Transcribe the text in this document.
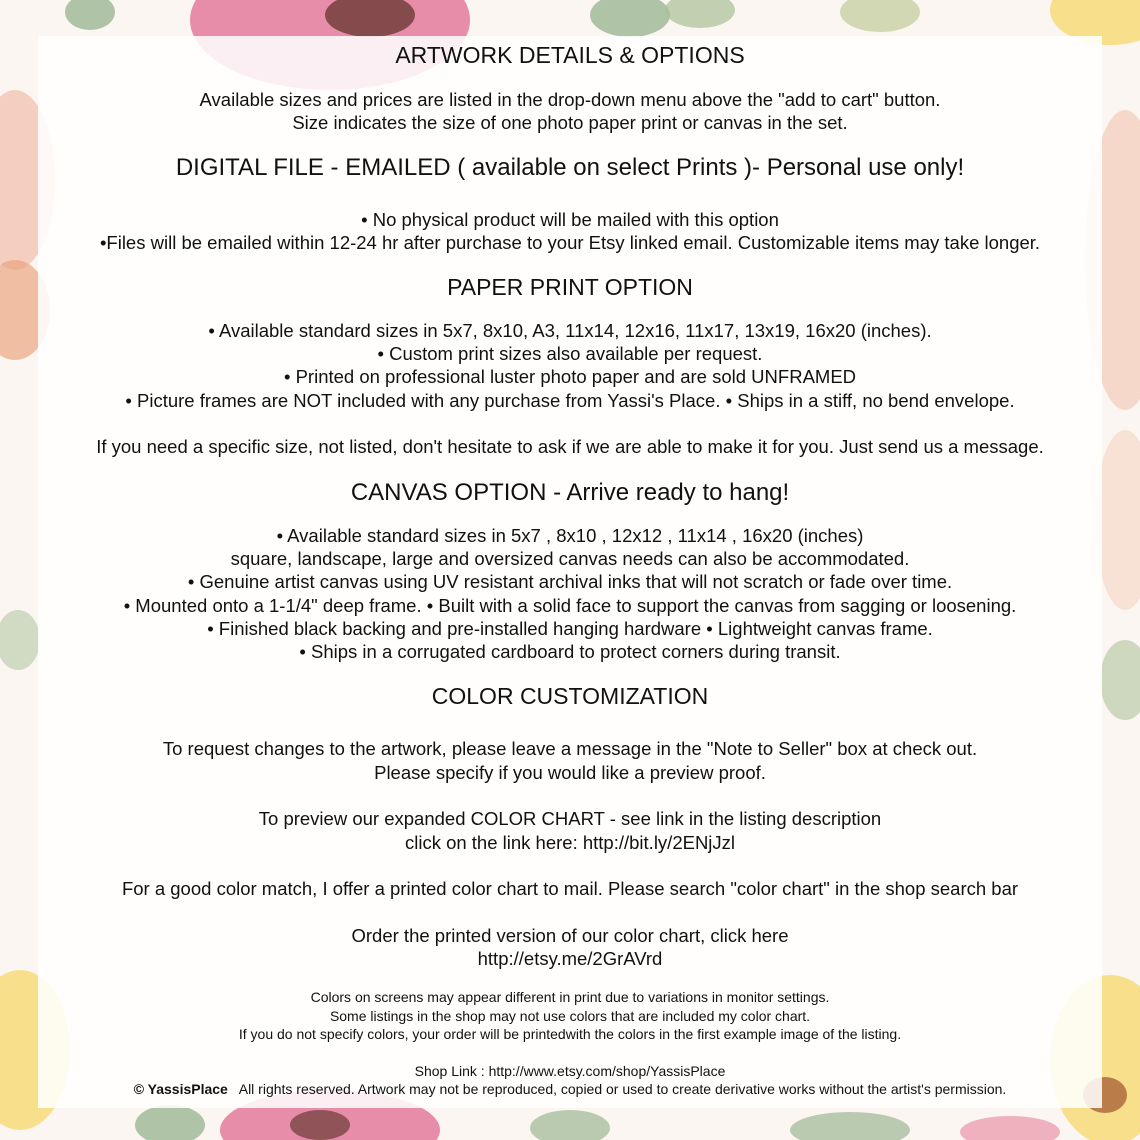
ARTWORK DETAILS & OPTIONS
Available sizes and prices are listed in the drop-down menu above the "add to cart" button.
Size indicates the size of one photo paper print or canvas in the set.
DIGITAL FILE - EMAILED ( available on select Prints )- Personal use only!
• No physical product will be mailed with this option
•Files will be emailed within 12-24 hr after purchase to your Etsy linked email. Customizable items may take longer.
PAPER PRINT OPTION
• Available standard sizes in 5x7, 8x10, A3, 11x14, 12x16, 11x17, 13x19, 16x20 (inches).
• Custom print sizes also available per request.
• Printed on professional luster photo paper and are sold UNFRAMED
• Picture frames are NOT included with any purchase from Yassi's Place. • Ships in a stiff, no bend envelope.
If you need a specific size, not listed, don't hesitate to ask if we are able to make it for you. Just send us a message.
CANVAS OPTION - Arrive ready to hang!
• Available standard sizes in 5x7 , 8x10 , 12x12 , 11x14 , 16x20 (inches)
square, landscape, large and oversized canvas needs can also be accommodated.
• Genuine artist canvas using UV resistant archival inks that will not scratch or fade over time.
• Mounted onto a 1-1/4" deep frame. • Built with a solid face to support the canvas from sagging or loosening.
• Finished black backing and pre-installed hanging hardware • Lightweight canvas frame.
• Ships in a corrugated cardboard to protect corners during transit.
COLOR CUSTOMIZATION
To request changes to the artwork, please leave a message in the "Note to Seller" box at check out.
Please specify if you would like a preview proof.
To preview our expanded COLOR CHART - see link in the listing description
click on the link here: http://bit.ly/2ENjJzl
For a good color match, I offer a printed color chart to mail. Please search "color chart" in the shop search bar
Order the printed version of our color chart, click here
http://etsy.me/2GrAVrd
Colors on screens may appear different in print due to variations in monitor settings.
Some listings in the shop may not use colors that are included my color chart.
If you do not specify colors, your order will be printedwith the colors in the first example image of the listing.
Shop Link : http://www.etsy.com/shop/YassisPlace
© YassisPlace All rights reserved. Artwork may not be reproduced, copied or used to create derivative works without the artist's permission.
